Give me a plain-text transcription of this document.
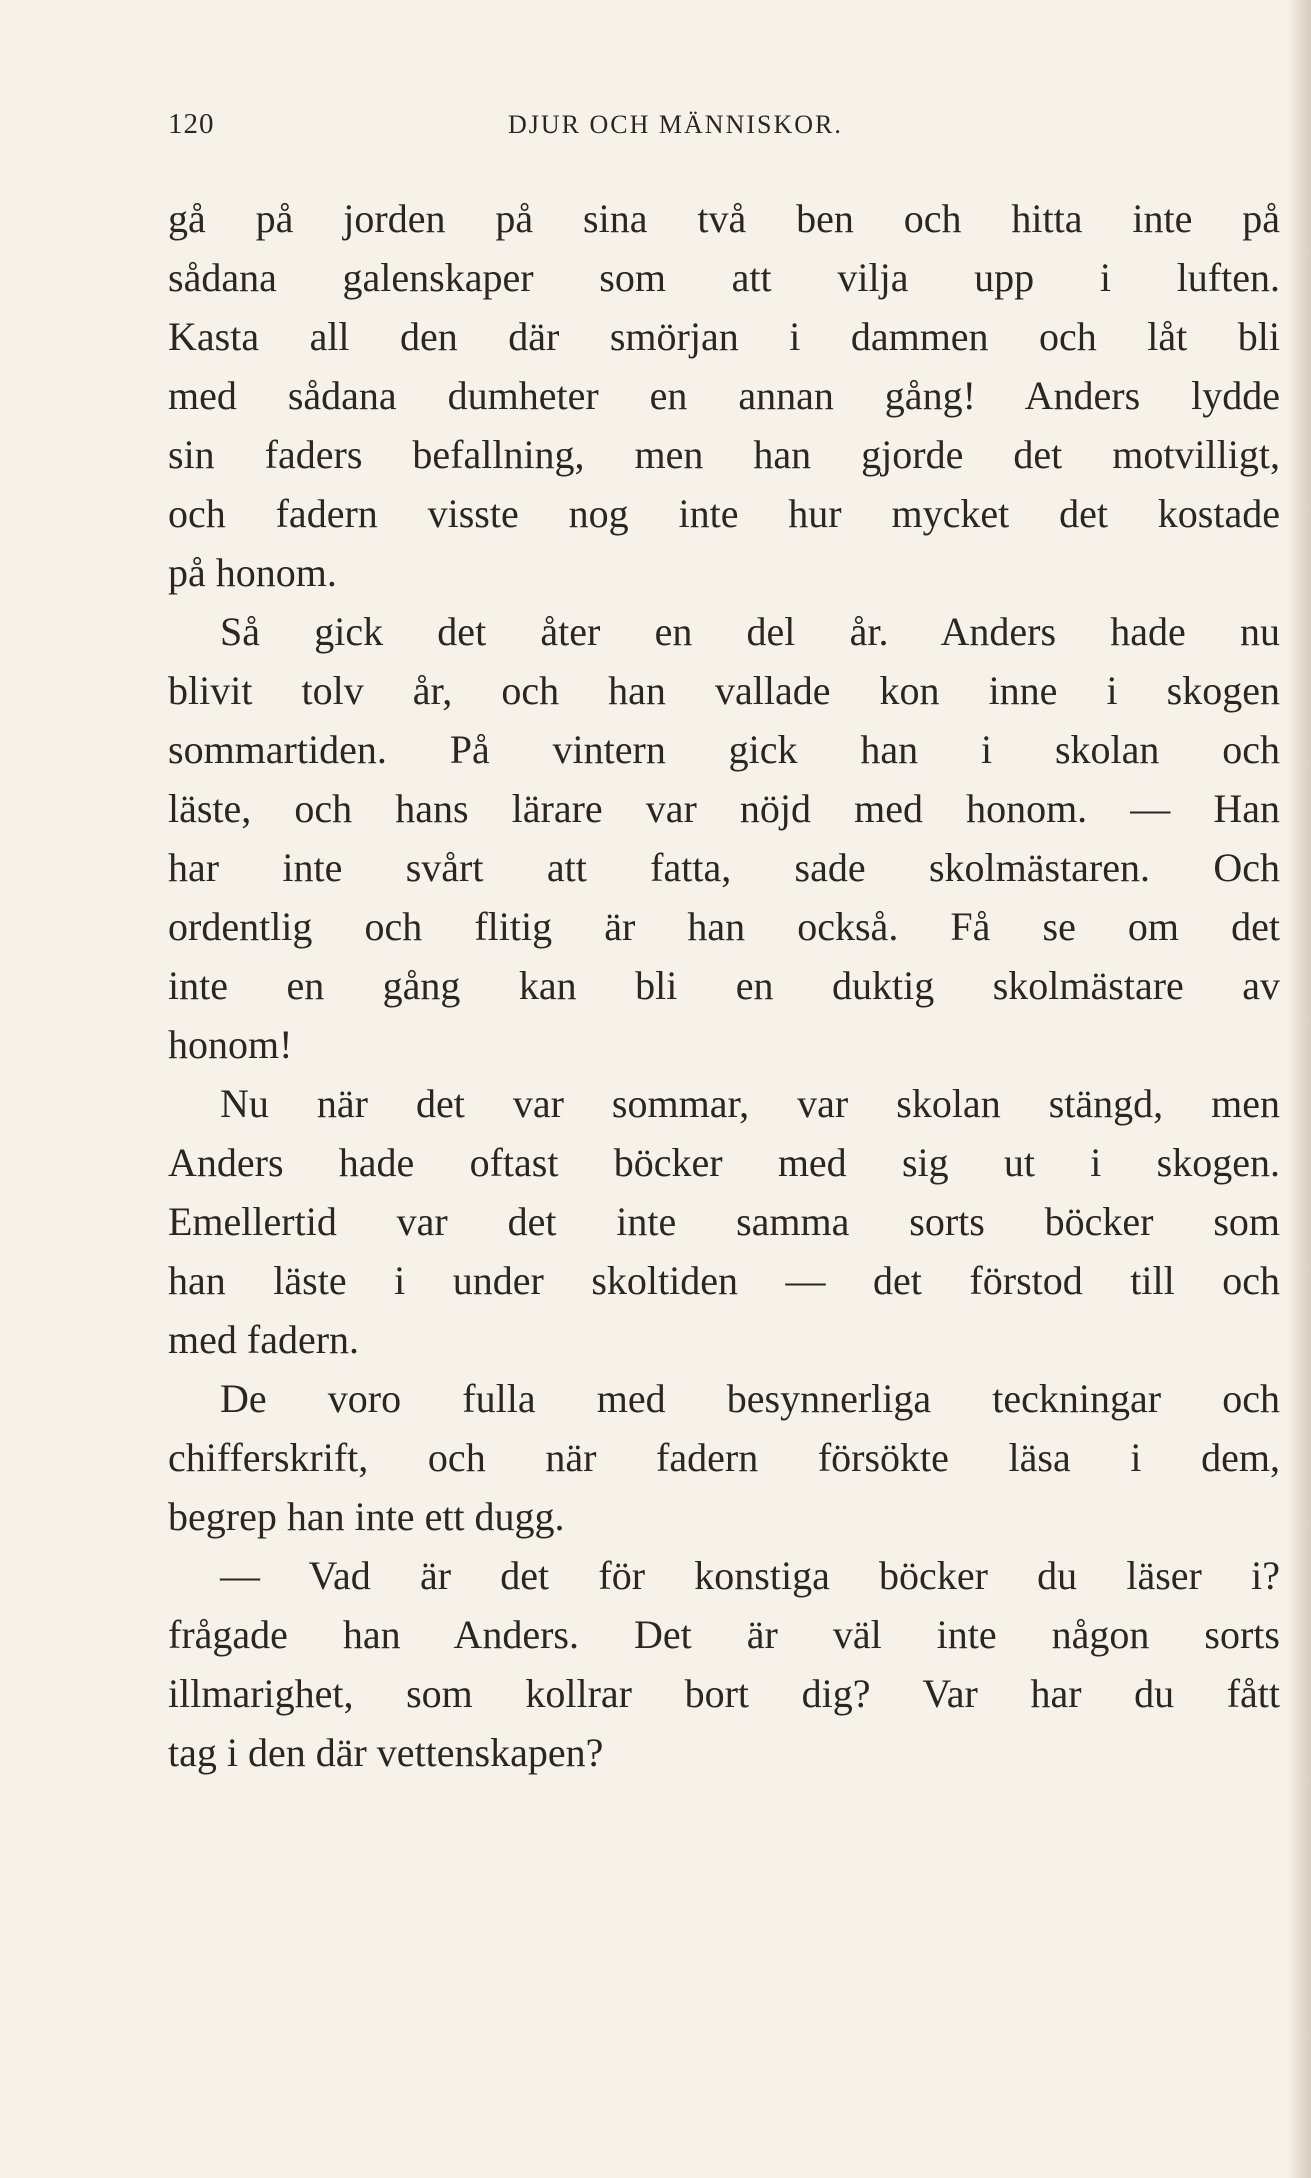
120	DJUR OCH MÄNNISKOR.
gå på jorden på sina två ben och hitta inte på
sådana galenskaper som att vilja upp i luften.
Kasta all den där smörjan i dammen och låt bli
med sådana dumheter en annan gång! Anders lydde
sin faders befallning, men han gjorde det motvilligt,
och fadern visste nog inte hur mycket det kostade
på honom.
Så gick det åter en del år. Anders hade nu
blivit tolv år, och han vallade kon inne i skogen
sommartiden. På vintern gick han i skolan och
läste, och hans lärare var nöjd med honom. — Han
har inte svårt att fatta, sade skolmästaren. Och
ordentlig och flitig är han också. Få se om det
inte en gång kan bli en duktig skolmästare av
honom!
Nu när det var sommar, var skolan stängd, men
Anders hade oftast böcker med sig ut i skogen.
Emellertid var det inte samma sorts böcker som
han läste i under skoltiden — det förstod till och
med fadern.
De voro fulla med besynnerliga teckningar och
chifferskrift, och när fadern försökte läsa i dem,
begrep han inte ett dugg.
— Vad är det för konstiga böcker du läser i?
frågade han Anders. Det är väl inte någon sorts
illmarighet, som kollrar bort dig? Var har du fått
tag i den där vettenskapen?
